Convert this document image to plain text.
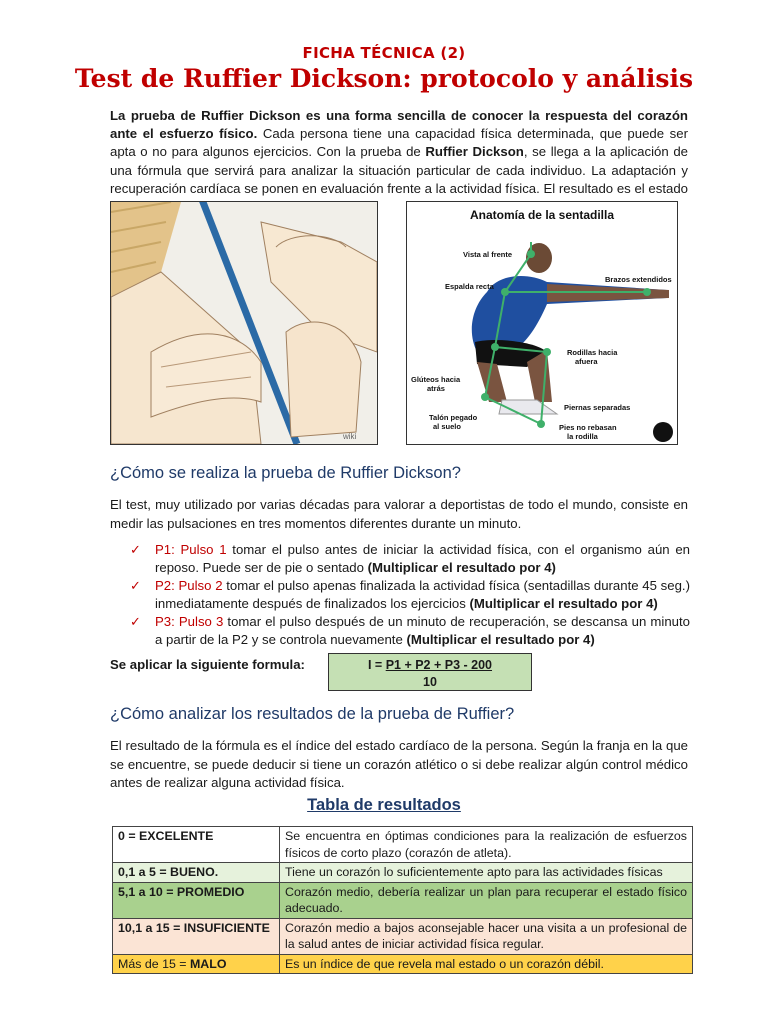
FICHA TÉCNICA (2)
Test de Ruffier Dickson: protocolo y análisis
La prueba de Ruffier Dickson es una forma sencilla de conocer la respuesta del corazón ante el esfuerzo físico. Cada persona tiene una capacidad física determinada, que puede ser apta o no para algunos ejercicios. Con la prueba de Ruffier Dickson, se llega a la aplicación de una fórmula que servirá para analizar la situación particular de cada individuo. La adaptación y recuperación cardíaca se ponen en evaluación frente a la actividad física. El resultado es el estado
wiki
Anatomía de la sentadilla
Vista al frente
Espalda recta
Brazos extendidos
Rodillas hacia
afuera
Glúteos hacia
atrás
Piernas separadas
Talón pegado
al suelo	Pies no rebasan
la rodilla
¿Cómo se realiza la prueba de Ruffier Dickson?
El test, muy utilizado por varias décadas para valorar a deportistas de todo el mundo, consiste en medir las pulsaciones en tres momentos diferentes durante un minuto.
✓ P1: Pulso 1 tomar el pulso antes de iniciar la actividad física, con el organismo aún en reposo. Puede ser de pie o sentado (Multiplicar el resultado por 4)
✓ P2: Pulso 2 tomar el pulso apenas finalizada la actividad física (sentadillas durante 45 seg.) inmediatamente después de finalizados los ejercicios (Multiplicar el resultado por 4)
✓ P3: Pulso 3 tomar el pulso después de un minuto de recuperación, se descansa un minuto a partir de la P2 y se controla nuevamente (Multiplicar el resultado por 4)
Se aplicar la siguiente formula:	I = P1 + P2 + P3 - 200
10
¿Cómo analizar los resultados de la prueba de Ruffier?
El resultado de la fórmula es el índice del estado cardíaco de la persona. Según la franja en la que se encuentre, se puede deducir si tiene un corazón atlético o si debe realizar algún control médico antes de realizar alguna actividad física.
Tabla de resultados
0 = EXCELENTE	Se encuentra en óptimas condiciones para la realización de esfuerzos físicos de corto plazo (corazón de atleta).
0,1 a 5 = BUENO.	Tiene un corazón lo suficientemente apto para las actividades físicas
5,1 a 10 = PROMEDIO	Corazón medio, debería realizar un plan para recuperar el estado físico adecuado.
10,1 a 15 = INSUFICIENTE	Corazón medio a bajos aconsejable hacer una visita a un profesional de la salud antes de iniciar actividad física regular.
Más de 15 = MALO	Es un índice de que revela mal estado o un corazón débil.
